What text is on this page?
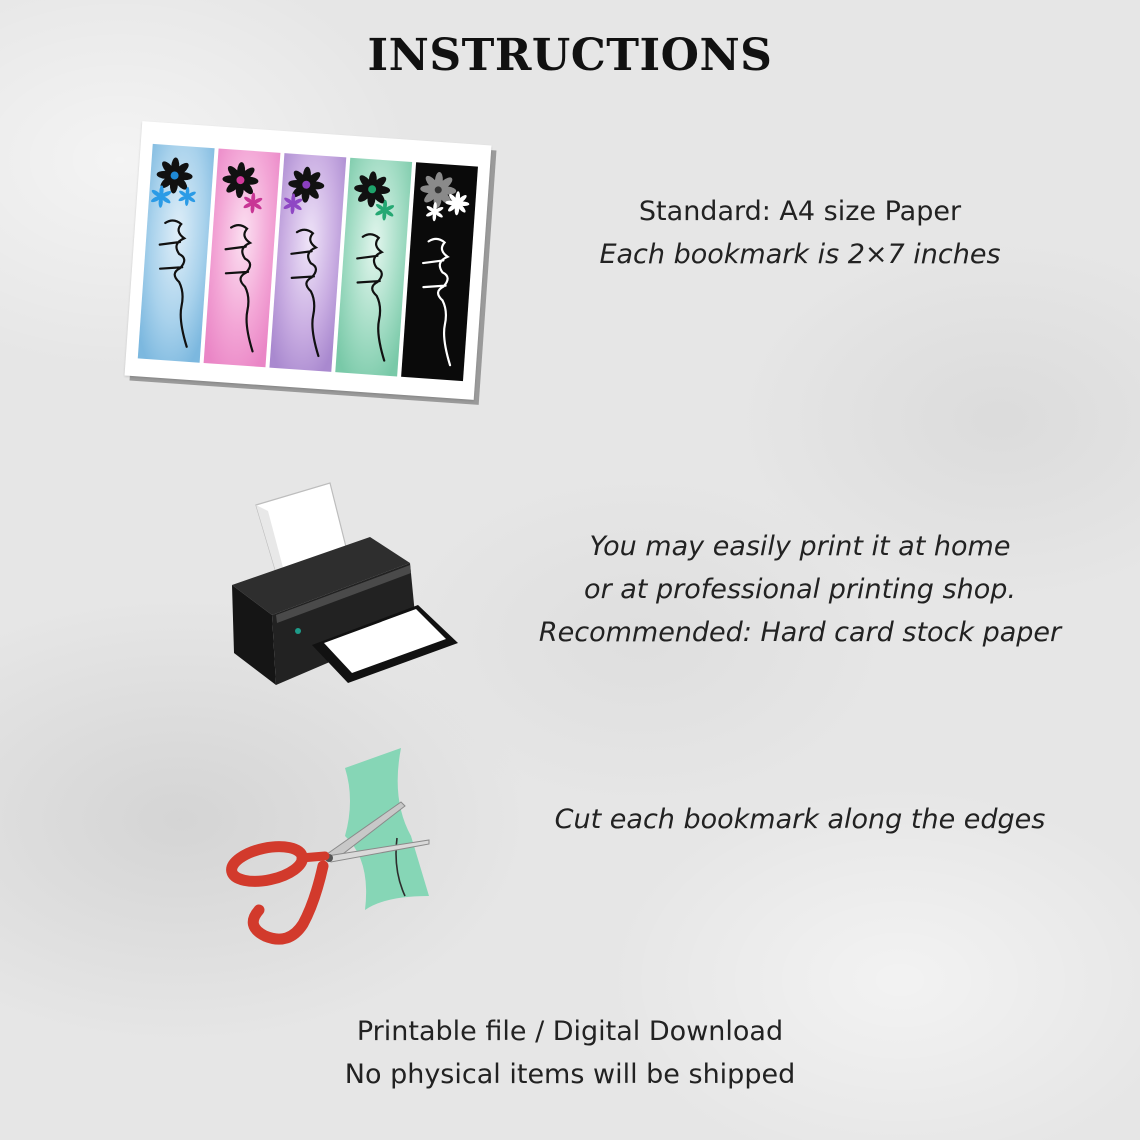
INSTRUCTIONS
Standard: A4 size Paper
Each bookmark is 2×7 inches
You may easily print it at home
or at professional printing shop.
Recommended: Hard card stock paper
Cut each bookmark along the edges
Printable file / Digital Download
No physical items will be shipped
